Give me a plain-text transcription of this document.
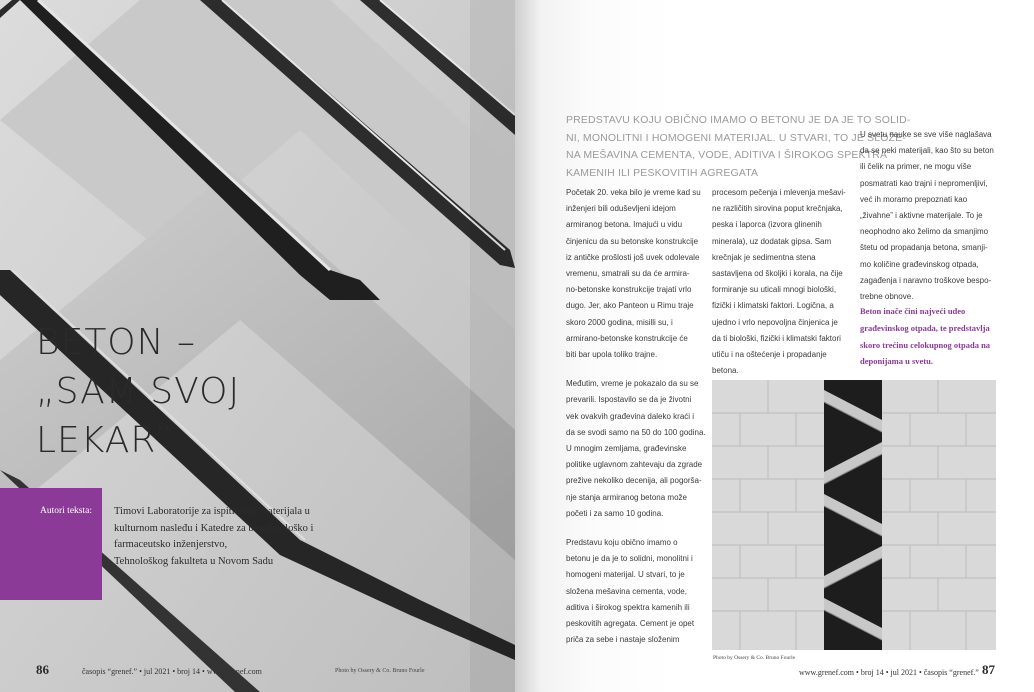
BETON –
„SAM SVOJ
LEKAR”
Autori teksta: Timovi Laboratorije za ispitivanje materijala u
kulturnom nasleđu i Katedre za biotehnološko i
farmaceutsko inženjerstvo,
Tehnološkog fakulteta u Novom Sadu
86	časopis “grenef.” • jul 2021 • broj 14 • www.grenef.com	Photo by Ossery & Co. Bruno Fourle

PREDSTAVU KOJU OBIČNO IMAMO O BETONU JE DA JE TO SOLID-
NI, MONOLITNI I HOMOGENI MATERIJAL. U STVARI, TO JE SLOŽE-
NA MEŠAVINA CEMENTA, VODE, ADITIVA I ŠIROKOG SPEKTRA
KAMENIH ILI PESKOVITIH AGREGATA

Početak 20. veka bilo je vreme kad su
inženjeri bili oduševljeni idejom
armiranog betona. Imajući u vidu
činjenicu da su betonske konstrukcije
iz antičke prošlosti još uvek odolevale
vremenu, smatrali su da će armira-
no-betonske konstrukcije trajati vrlo
dugo. Jer, ako Panteon u Rimu traje
skoro 2000 godina, misilli su, i
armirano-betonske konstrukcije će
biti bar upola toliko trajne.
Međutim, vreme je pokazalo da su se
prevarili. Ispostavilo se da je životni
vek ovakvih građevina daleko kraći i
da se svodi samo na 50 do 100 godina.
U mnogim zemljama, građevinske
politike uglavnom zahtevaju da zgrade
prežive nekoliko decenija, ali pogorša-
nje stanja armiranog betona može
početi i za samo 10 godina.
Predstavu koju obično imamo o
betonu je da je to solidni, monolitni i
homogeni materijal. U stvari, to je
složena mešavina cementa, vode,
aditiva i širokog spektra kamenih ili
peskovitih agregata. Cement je opet
priča za sebe i nastaje složenim
procesom pečenja i mlevenja mešavi-
ne različitih sirovina poput krečnjaka,
peska i laporca (izvora glinenih
minerala), uz dodatak gipsa. Sam
krečnjak je sedimentna stena
sastavljena od školjki i korala, na čije
formiranje su uticali mnogi biološki,
fizički i klimatski faktori. Logična, a
ujedno i vrlo nepovoljna činjenica je
da ti biološki, fizički i klimatski faktori
utiču i na oštećenje i propadanje
betona.
U svetu nauke se sve više naglašava
da se neki materijali, kao što su beton
ili čelik na primer, ne mogu više
posmatrati kao trajni i nepromenljivi,
već ih moramo prepoznati kao
„živahne” i aktivne materijale. To je
neophodno ako želimo da smanjimo
štetu od propadanja betona, smanji-
mo količine građevinskog otpada,
zagađenja i naravno troškove bespo-
trebne obnove.
Beton inače čini najveći udeo
građevinskog otpada, te predstavlja
skoro trećinu celokupnog otpada na
deponijama u svetu.
Photo by Ossery & Co. Bruno Fourle
www.grenef.com • broj 14 • jul 2021 • časopis “grenef.” 87
